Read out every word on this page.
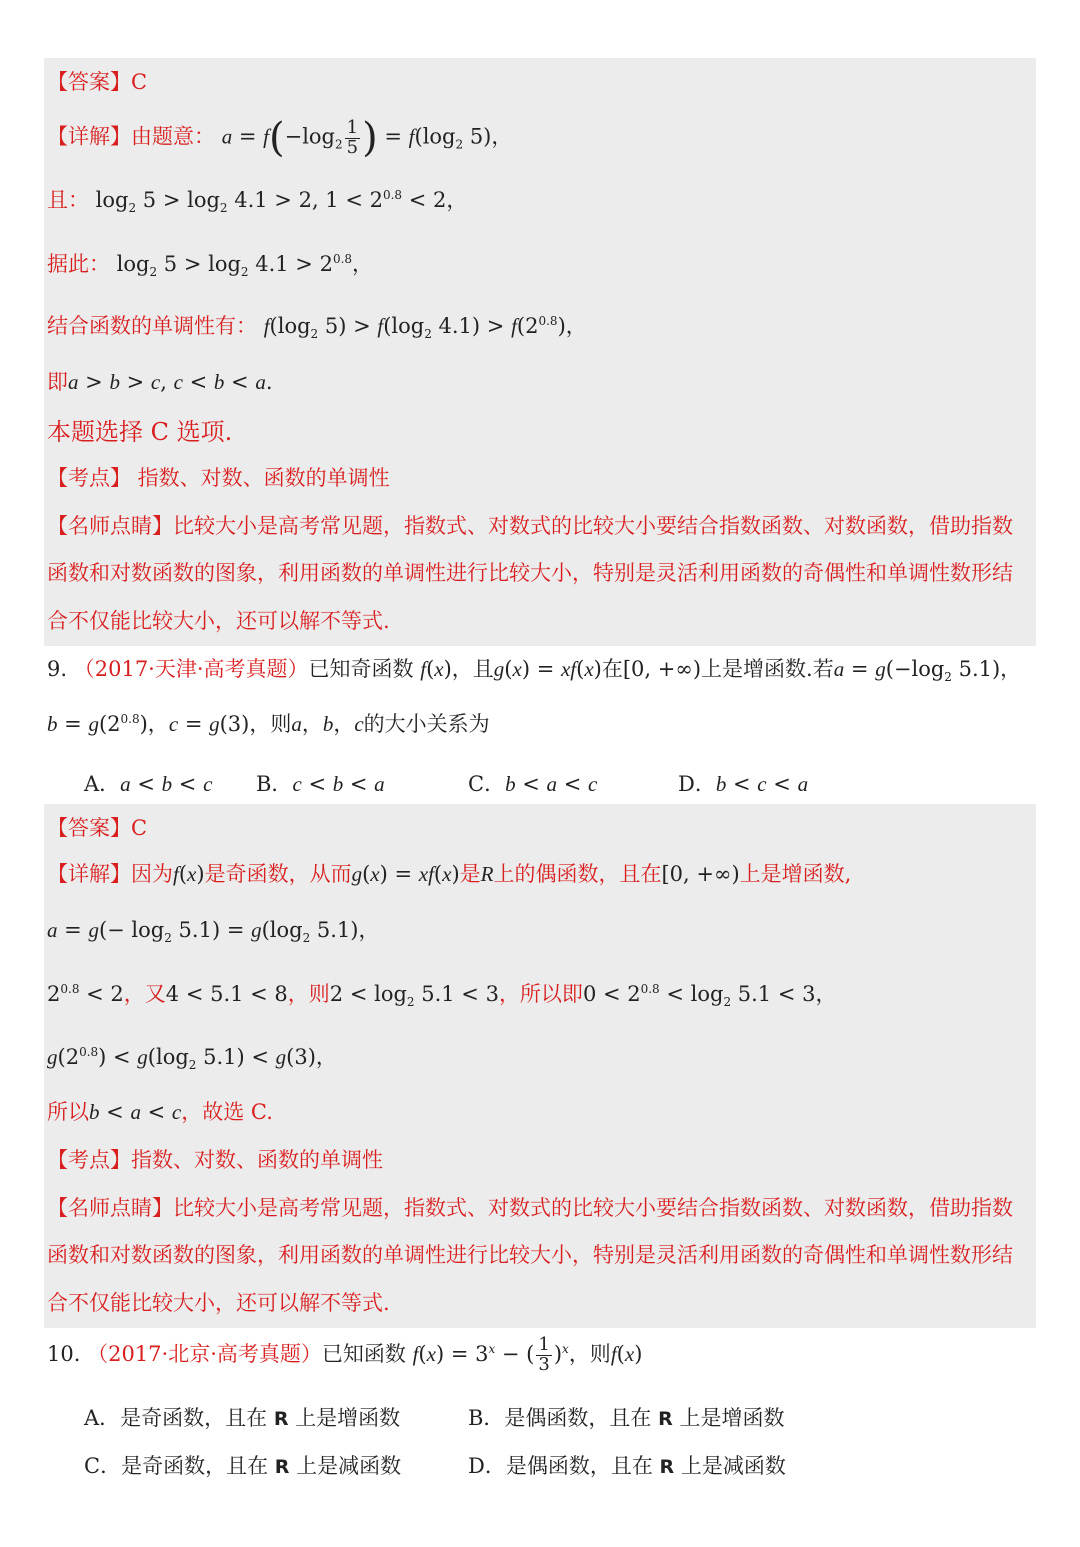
【答案】C
【详解】由题意： $a = f(-\log_2 \frac{1}{5}$ ) = $f(\log_2$ 5)，
且： $\log_2 5 > \log_2 4.1 > 2$, $1 < 2^{0.8} < 2$，
据此： $\log_2 5 > \log_2 4.1 > 2^{0.8}$，
结合函数的单调性有： $f(\log_2$ $5) > f(\log_2$ $4.1) > f(2^{0.8})$，
即a > b > c, c < b < a.
本题选择 C 选项.
【考点】 指数、对数、函数的单调性
【名师点睛】比较大小是高考常见题，指数式、对数式的比较大小要结合指数函数、对数函数，借助指数
函数和对数函数的图象，利用函数的单调性进行比较大小，特别是灵活利用函数的奇偶性和单调性数形结
合不仅能比较大小，还可以解不等式.
9. （2017·天津·高考真题）已知奇函数 f(x)，且g(x) = xf(x)在[0, +∞)上是增函数.若$a = g(-\log_2$ 5.1)，
$b = g(2^{0.8})$，c = g(3)，则a，b，c的大小关系为
A．a < b < c B．c < b < a	C．b < a < c	D．b < c < a
【答案】C
【详解】因为f(x)是奇函数，从而g(x) = xf(x)是R上的偶函数，且在[0, +∞)上是增函数,
$a = g(- \log_2 5.1) = g(\log_2$ 5.1)，
$2^{0.8} < 2$，又4 < 5.1 < 8，则$2 < \log_2 5.1 < 3$，所以即$0 < 2^{0.8} < \log_2 5.1 < 3$，
$g(2^{0.8}) < g(\log_2$ 5.1) < g(3)，
所以b < a < c，故选 C.
【考点】指数、对数、函数的单调性
【名师点睛】比较大小是高考常见题，指数式、对数式的比较大小要结合指数函数、对数函数，借助指数
函数和对数函数的图象，利用函数的单调性进行比较大小，特别是灵活利用函数的奇偶性和单调性数形结
合不仅能比较大小，还可以解不等式.
10. （2017·北京·高考真题）已知函数 $f(x) = 3^x$ − ( $\frac{1}{3} )^x$，则f(x)
A．是奇函数，且在 R 上是增函数	B．是偶函数，且在 R 上是增函数
C．是奇函数，且在 R 上是减函数	D．是偶函数，且在 R 上是减函数
